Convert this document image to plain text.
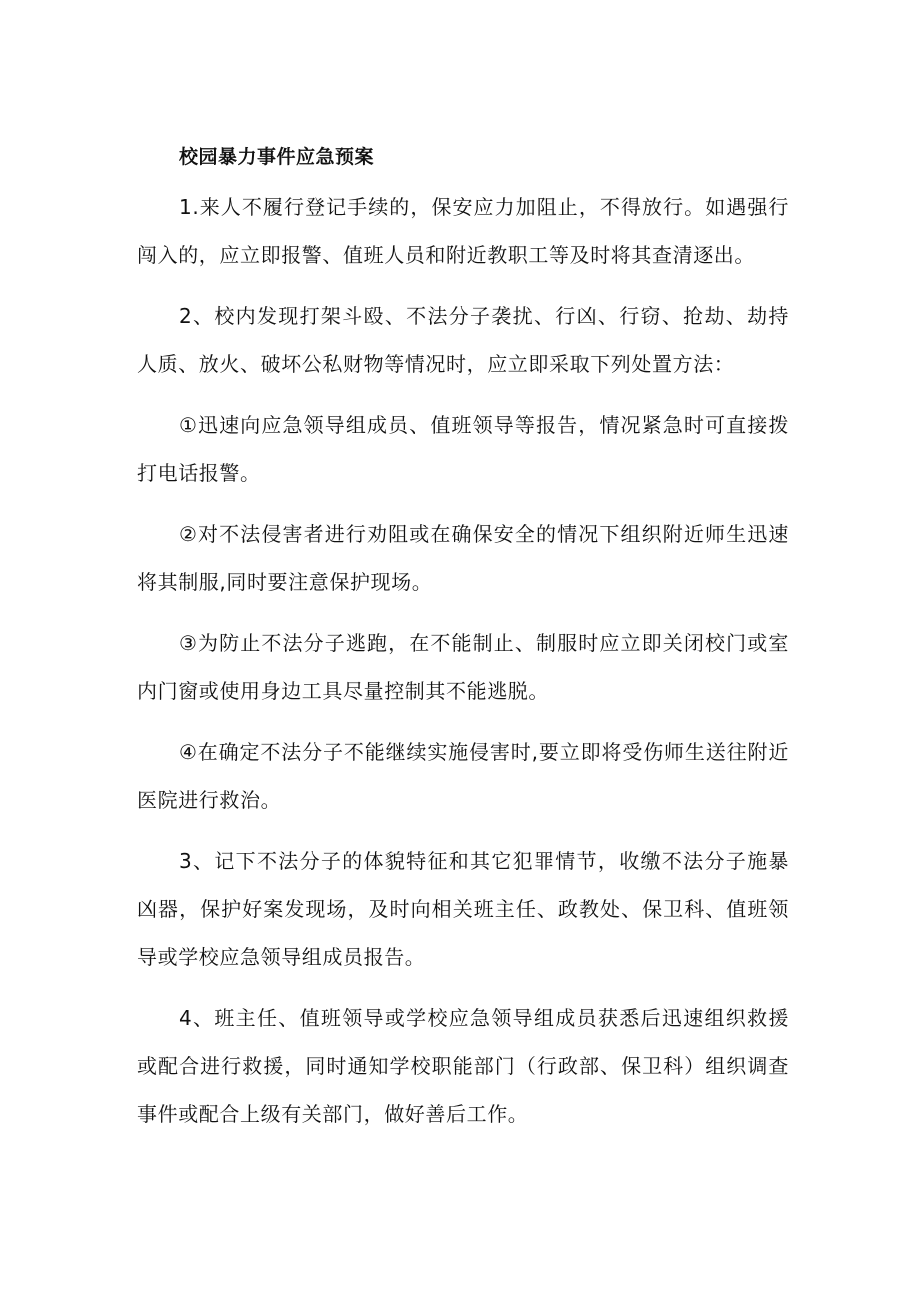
校园暴力事件应急预案

1.来人不履行登记手续的，保安应力加阻止，不得放行。如遇强行闯入的，应立即报警、值班人员和附近教职工等及时将其查清逐出。

2、校内发现打架斗殴、不法分子袭扰、行凶、行窃、抢劫、劫持人质、放火、破坏公私财物等情况时，应立即采取下列处置方法：

①迅速向应急领导组成员、值班领导等报告，情况紧急时可直接拨打电话报警。

②对不法侵害者进行劝阻或在确保安全的情况下组织附近师生迅速将其制服,同时要注意保护现场。

③为防止不法分子逃跑，在不能制止、制服时应立即关闭校门或室内门窗或使用身边工具尽量控制其不能逃脱。

④在确定不法分子不能继续实施侵害时,要立即将受伤师生送往附近医院进行救治。

3、记下不法分子的体貌特征和其它犯罪情节，收缴不法分子施暴凶器，保护好案发现场，及时向相关班主任、政教处、保卫科、值班领导或学校应急领导组成员报告。

4、班主任、值班领导或学校应急领导组成员获悉后迅速组织救援或配合进行救援，同时通知学校职能部门（行政部、保卫科）组织调查事件或配合上级有关部门，做好善后工作。
